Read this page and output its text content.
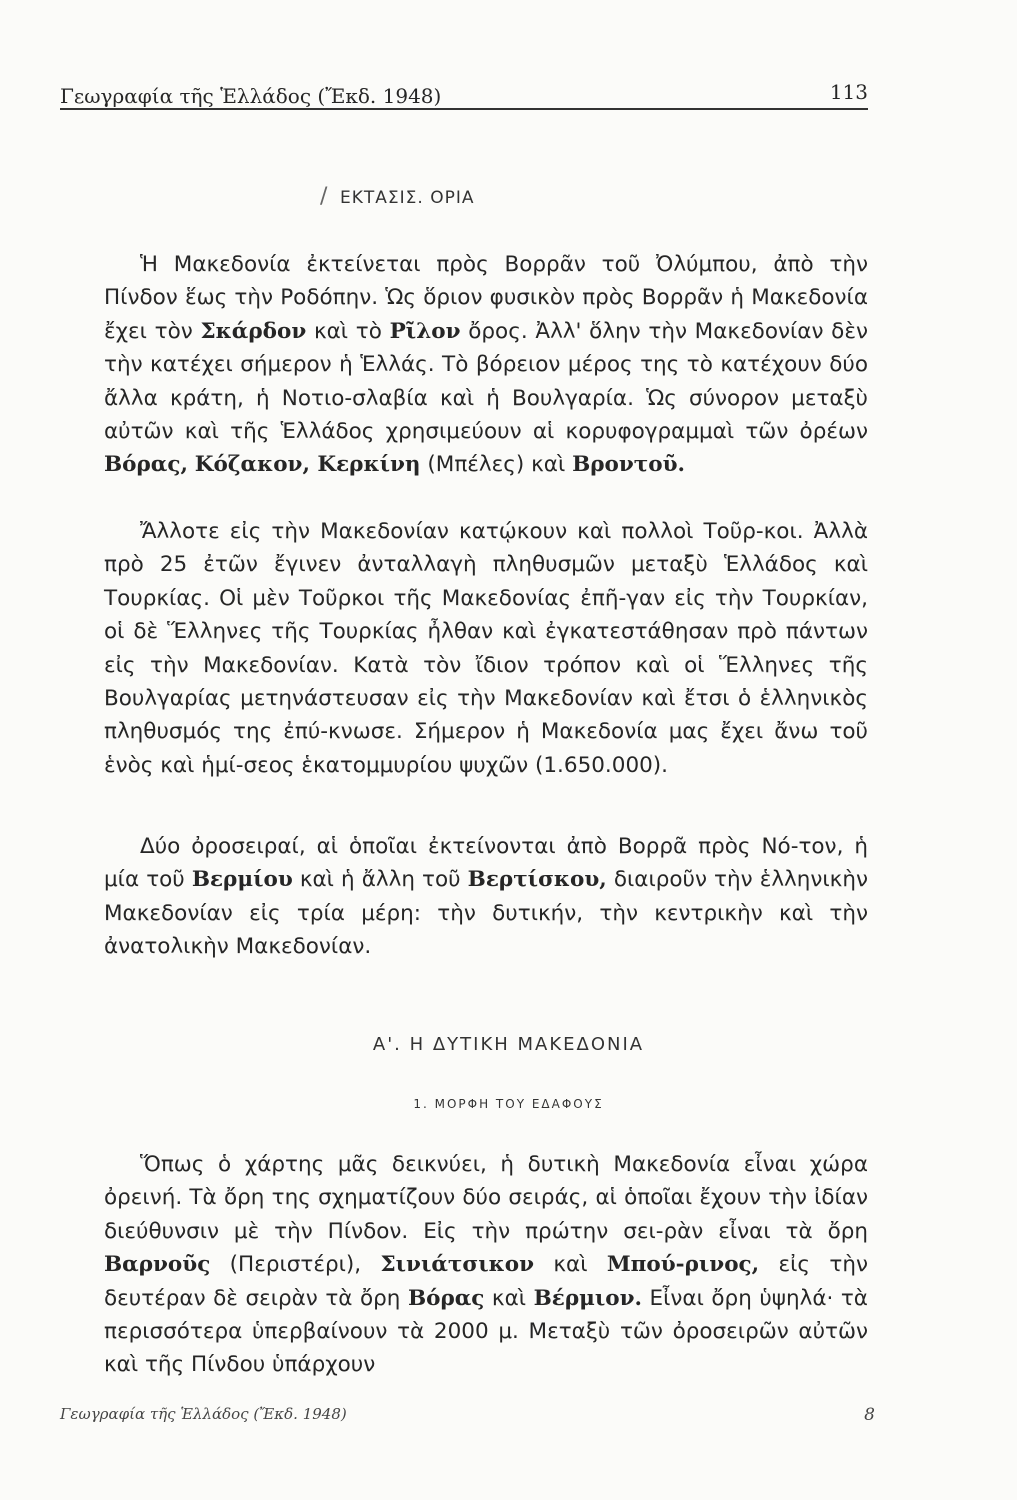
Γεωγραφία τῆς Ἑλλάδος (Ἔκδ. 1948)	113
/ ΕΚΤΑΣΙΣ. ΟΡΙΑ

Ἡ Μακεδονία ἐκτείνεται πρὸς Βορρᾶν τοῦ Ὀλύμπου, ἀπὸ τὴν Πίνδον ἕως τὴν Ροδόπην. Ὡς ὅριον φυσικὸν πρὸς Βορρᾶν ἡ Μακεδονία ἔχει τὸν Σκάρδον καὶ τὸ Ρῖλον ὄρος. Ἀλλ' ὅλην τὴν Μακεδονίαν δὲν τὴν κατέχει σήμερον ἡ Ἑλλάς. Τὸ βόρειον μέρος της τὸ κατέχουν δύο ἄλλα κράτη, ἡ Νοτιο-σλαβία καὶ ἡ Βουλγαρία. Ὡς σύνορον μεταξὺ αὐτῶν καὶ τῆς Ἑλλάδος χρησιμεύουν αἱ κορυφογραμμαὶ τῶν ὀρέων Βόρας, Κόζακον, Κερκίνη (Μπέλες) καὶ Βροντοῦ.

Ἄλλοτε εἰς τὴν Μακεδονίαν κατῴκουν καὶ πολλοὶ Τοῦρ-κοι. Ἀλλὰ πρὸ 25 ἐτῶν ἔγινεν ἀνταλλαγὴ πληθυσμῶν μεταξὺ Ἑλλάδος καὶ Τουρκίας. Οἱ μὲν Τοῦρκοι τῆς Μακεδονίας ἐπῆ-γαν εἰς τὴν Τουρκίαν, οἱ δὲ Ἕλληνες τῆς Τουρκίας ἦλθαν καὶ ἐγκατεστάθησαν πρὸ πάντων εἰς τὴν Μακεδονίαν. Κατὰ τὸν ἴδιον τρόπον καὶ οἱ Ἕλληνες τῆς Βουλγαρίας μετηνάστευσαν εἰς τὴν Μακεδονίαν καὶ ἔτσι ὁ ἑλληνικὸς πληθυσμός της ἐπύ-κνωσε. Σήμερον ἡ Μακεδονία μας ἔχει ἄνω τοῦ ἑνὸς καὶ ἡμί-σεος ἑκατομμυρίου ψυχῶν (1.650.000).

Δύο ὀροσειραί, αἱ ὁποῖαι ἐκτείνονται ἀπὸ Βορρᾶ πρὸς Νό-τον, ἡ μία τοῦ Βερμίου καὶ ἡ ἄλλη τοῦ Βερτίσκου, διαιροῦν τὴν ἑλληνικὴν Μακεδονίαν εἰς τρία μέρη: τὴν δυτικήν, τὴν κεντρικὴν καὶ τὴν ἀνατολικὴν Μακεδονίαν.

Α'. Η ΔΥΤΙΚΗ ΜΑΚΕΔΟΝΙΑ
1. ΜΟΡΦΗ ΤΟΥ ΕΔΑΦΟΥΣ

Ὅπως ὁ χάρτης μᾶς δεικνύει, ἡ δυτικὴ Μακεδονία εἶναι χώρα ὀρεινή. Τὰ ὄρη της σχηματίζουν δύο σειράς, αἱ ὁποῖαι ἔχουν τὴν ἰδίαν διεύθυνσιν μὲ τὴν Πίνδον. Εἰς τὴν πρώτην σει-ρὰν εἶναι τὰ ὄρη Βαρνοῦς (Περιστέρι), Σινιάτσικον καὶ Μπού-ρινος, εἰς τὴν δευτέραν δὲ σειρὰν τὰ ὄρη Βόρας καὶ Βέρμιον. Εἶναι ὄρη ὑψηλά· τὰ περισσότερα ὑπερβαίνουν τὰ 2000 μ. Μεταξὺ τῶν ὀροσειρῶν αὐτῶν καὶ τῆς Πίνδου ὑπάρχουν

Γεωγραφία τῆς Ἑλλάδος (Ἔκδ. 1948)	8
